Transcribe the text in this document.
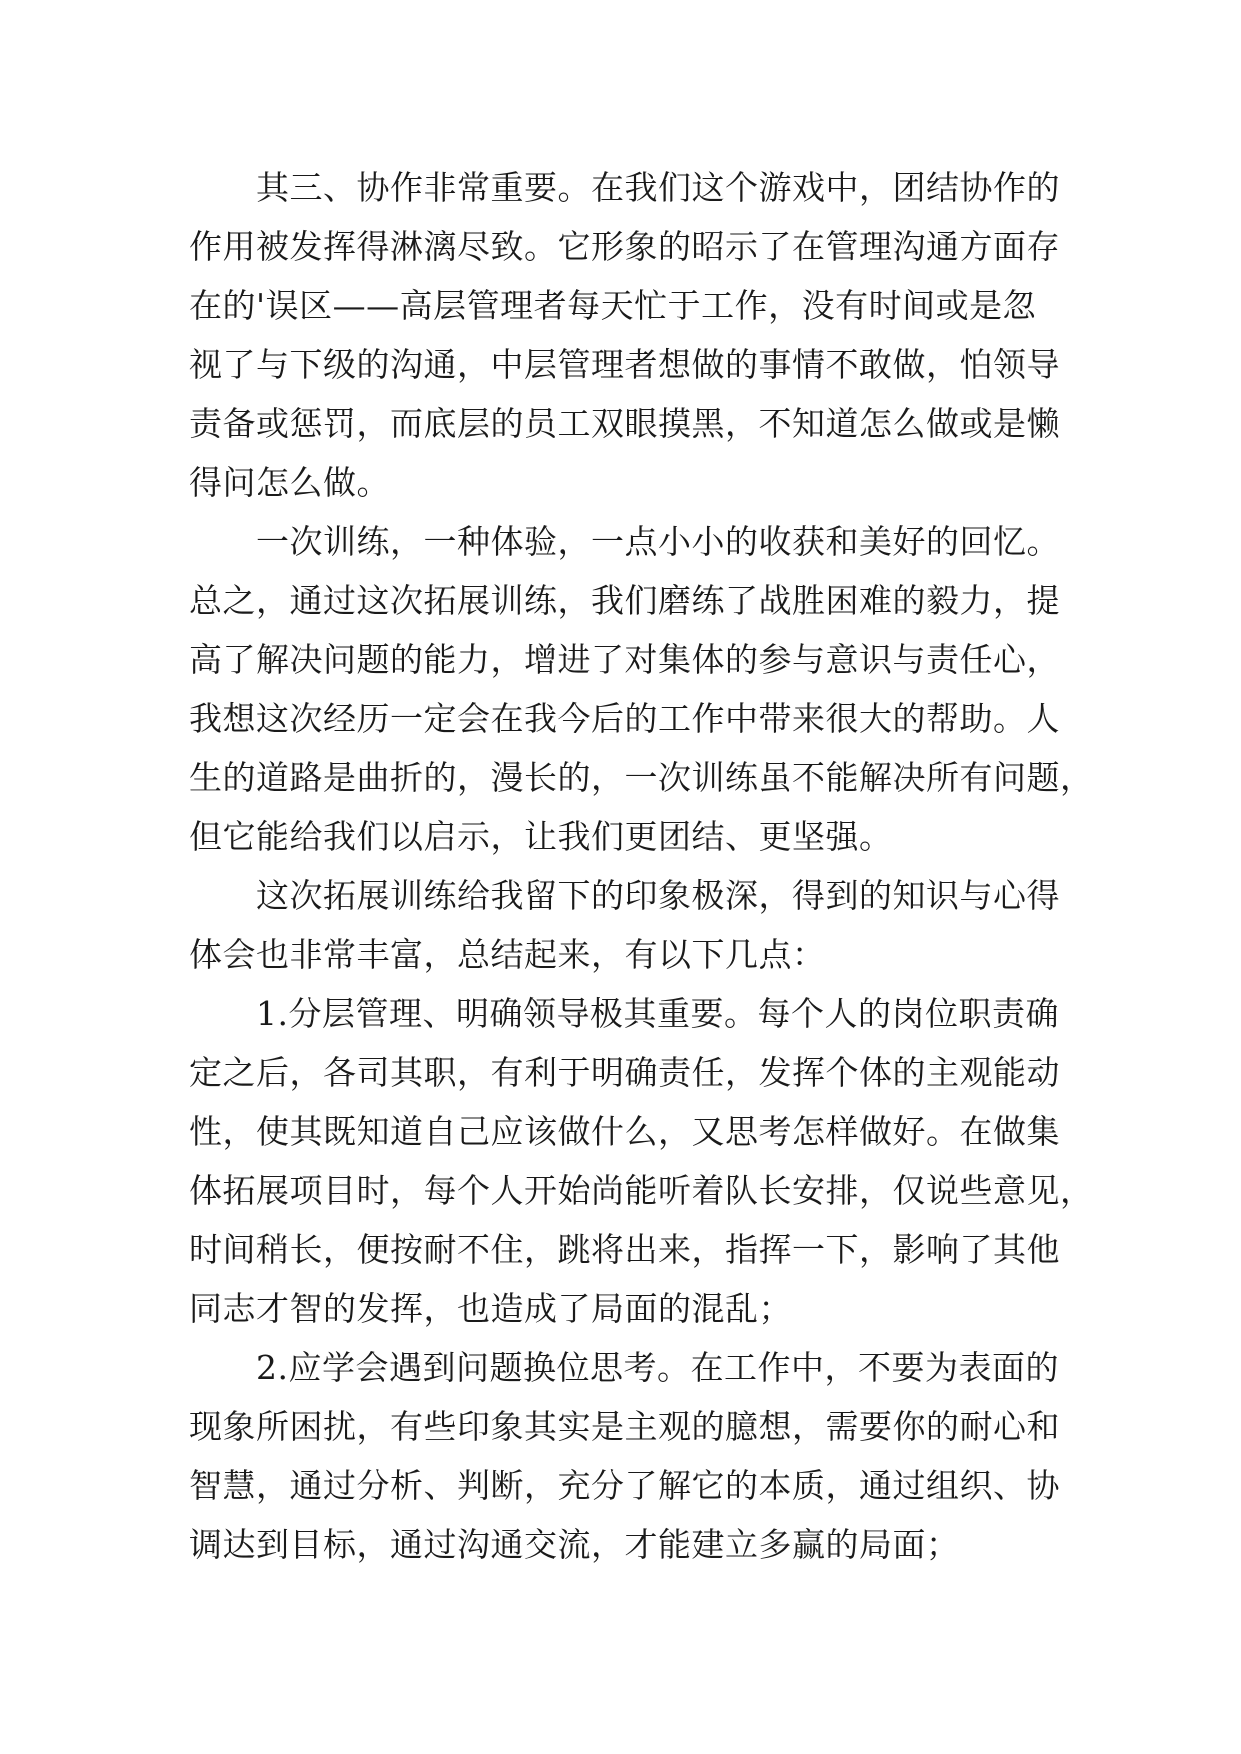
　　其三、协作非常重要。在我们这个游戏中，团结协作的
作用被发挥得淋漓尽致。它形象的昭示了在管理沟通方面存
在的'误区——高层管理者每天忙于工作，没有时间或是忽
视了与下级的沟通，中层管理者想做的事情不敢做，怕领导
责备或惩罚，而底层的员工双眼摸黑，不知道怎么做或是懒
得问怎么做。
　　一次训练，一种体验，一点小小的收获和美好的回忆。
总之，通过这次拓展训练，我们磨练了战胜困难的毅力，提
高了解决问题的能力，增进了对集体的参与意识与责任心，
我想这次经历一定会在我今后的工作中带来很大的帮助。人
生的道路是曲折的，漫长的，一次训练虽不能解决所有问题，
但它能给我们以启示，让我们更团结、更坚强。
　　这次拓展训练给我留下的印象极深，得到的知识与心得
体会也非常丰富，总结起来，有以下几点：
　　1.分层管理、明确领导极其重要。每个人的岗位职责确
定之后，各司其职，有利于明确责任，发挥个体的主观能动
性，使其既知道自己应该做什么，又思考怎样做好。在做集
体拓展项目时，每个人开始尚能听着队长安排，仅说些意见，
时间稍长，便按耐不住，跳将出来，指挥一下，影响了其他
同志才智的发挥，也造成了局面的混乱；
　　2.应学会遇到问题换位思考。在工作中，不要为表面的
现象所困扰，有些印象其实是主观的臆想，需要你的耐心和
智慧，通过分析、判断，充分了解它的本质，通过组织、协
调达到目标，通过沟通交流，才能建立多赢的局面；
